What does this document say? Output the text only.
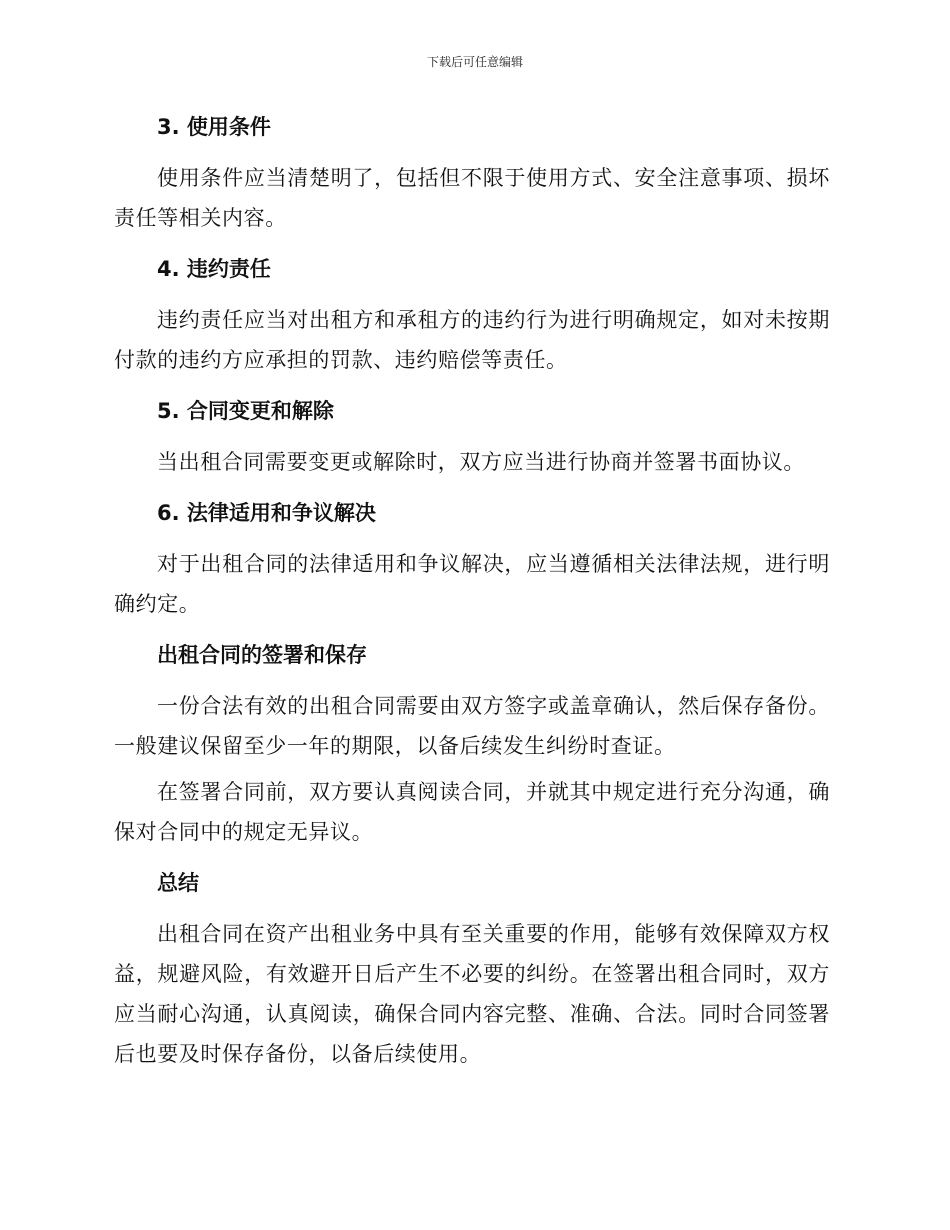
下载后可任意编辑
3. 使用条件

使用条件应当清楚明了，包括但不限于使用方式、安全注意事项、损坏责任等相关内容。

4. 违约责任

违约责任应当对出租方和承租方的违约行为进行明确规定，如对未按期付款的违约方应承担的罚款、违约赔偿等责任。

5. 合同变更和解除

当出租合同需要变更或解除时，双方应当进行协商并签署书面协议。

6. 法律适用和争议解决

对于出租合同的法律适用和争议解决，应当遵循相关法律法规，进行明确约定。

出租合同的签署和保存

一份合法有效的出租合同需要由双方签字或盖章确认，然后保存备份。一般建议保留至少一年的期限，以备后续发生纠纷时查证。

在签署合同前，双方要认真阅读合同，并就其中规定进行充分沟通，确保对合同中的规定无异议。

总结

出租合同在资产出租业务中具有至关重要的作用，能够有效保障双方权益，规避风险，有效避开日后产生不必要的纠纷。在签署出租合同时，双方应当耐心沟通，认真阅读，确保合同内容完整、准确、合法。同时合同签署后也要及时保存备份，以备后续使用。
